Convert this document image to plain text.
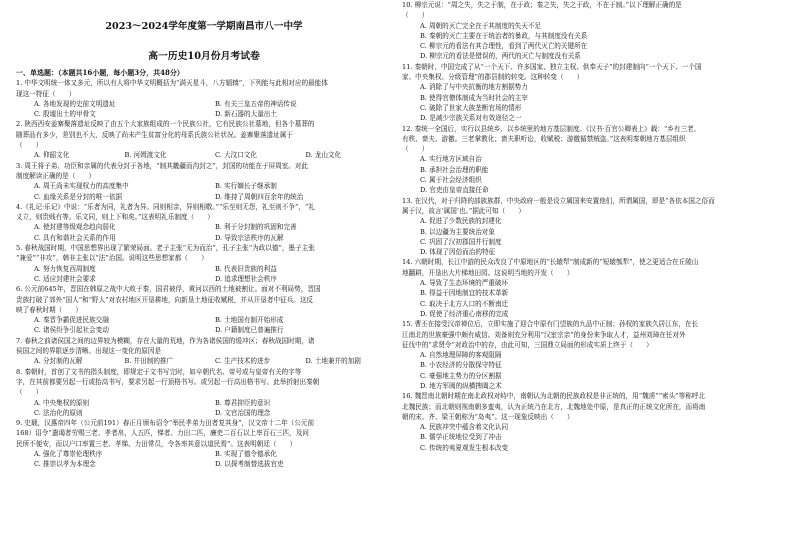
2023～2024学年度第一学期南昌市八一中学
高一历史10月份月考试卷
一、单选题：（本题共16小题，每小题3分，共48分）
1. 中华文明统一体又多元，所以有人将中华文明概括为“满天星斗，八方辐辏”，下列能与此相对应的最能体
现这一特征（　　）
A. 各地发现的史前文明遗址	B. 有关三皇五帝的神话传说
C. 殷墟出土的甲骨文	D. 新石器的大量出土
2. 陕西西安姜寨聚落遗址反映了由五个大家族组成的一个民族公社，它有民族公社墓地，但各个墓葬的
随葬品有多少，差别也不大，反映了尚未产生贫富分化的母系氏族公社状况。姜寨聚落遗址属于
（　　）
A. 仰韶文化	B. 河姆渡文化	C. 大汶口文化	D. 龙山文化
3. 周王将子弟、功臣和亲属的代表分封于各地，“制其畿疆而沟封之”，封国的功能在于屏周室。对此
制度解读正确的是（　　）
A. 周王尚未实现权力的高度集中	B. 实行嫡长子继承制
C. 血缘关系是分封的唯一依据	D. 维持了周朝四百余年的统治
4.《礼记·乐记》中说：“乐者为同，礼者为异。同则相亲，异则相敬。”“乐至则无怨，礼至则不争”，“礼
义立，则贵贱有等。乐文同，则上下和矣。”这表明礼乐制度（　　）
A. 使封建等级观念趋向弱化	B. 利于分封制的巩固和完善
C. 具有和谐社会关系的作用	D. 导致宗法秩序的瓦解
5. 春秋战国时期，中国思想界出现了繁荣局面。老子主张“无为而治”，孔子主张“为政以德”，墨子主张
“兼爱”“非攻”，韩非主张以“法”治国。说明这些思想家都（　　）
A. 努力恢复西周制度	B. 代表旧贵族的利益
C. 适应封建社会要求	D. 追求理想社会秩序
6. 公元前645年，晋国在韩原之战中大败于秦，国君被俘，黄河以西的土地被割让。面对不利局势，晋国
贵族打破了郊外“国人”和“野人”对农村地区开垦耕地，向新垦土地征收赋税，并从开垦者中征兵。这反
映了春秋时期（　　）
A. 秦晋争霸促进民族交融	B. 土地国有制开始形成
C. 诸侯纷争引起社会变动	D. 户籍制度已普遍推行
7. 春秋之前诸侯国之间的边界较为模糊，存在大量的荒地，作为各诸侯国的缓冲区；春秋战国时期，诸
侯国之间的界限逐步清晰。出现这一变化的原因是
A. 分封制的瓦解	B. 井田制的推广	C. 生产技术的进步	D. 土地兼并的加剧
8. 秦朝时，首创了文书的指头制度，即规定于文书写完时，如卒朝代名、帝号或与皇帝有关的字等
字，在其前都要另起一行或抬高书写，要求另起一行顶格书写。或另起一行高出格书写。此举折射出秦朝
（　　）
A. 中央集权的原则	B. 尊君抑臣的意识
C. 法治化的原则	D. 文官治国的理念
9. 史载，汉惠帝四年（公元前191）春正月颁布诏令“举民孝弟力田者复其身”，汉文帝十二年（公元前
168）诏令“遣谒者劳赐三老、孝者帛，人五匹，悌者、力田二匹，廉吏二百石以上率百石三匹，及问
民所不便安，而以户口率置三老、孝悌、力田常员，令各率其意以道民焉”。这表明朝廷（　　）
A. 强化了尊崇伦理秩序	B. 实现了德令德承化
C. 推崇以孝为本理念	D. 以探考制替选拔官吏
10. 柳宗元说：“周之失，失之于制，在于政；秦之失，失之于政，不在于制。”以下理解正确的是
（　　）
A. 周朝的灭亡完全在于其制度的失天不足
B. 秦朝的灭亡主要在于统治者的暴政，与其制度没有关系
C. 柳宗元的看法有其合理性，看到了两代灭亡的关键所在
D. 柳宗元的看法是错误的，两代的灭亡与制度没有关系
11. 秦朝时，中国完成了从“一个天下、许多国家、独立主权、供奉天子”的封建制向“一个天下、一个国
家、中央集权、分级管理”的郡县制的转变。这种转变（　　）
A. 消除了与中央抗衡的地方割据势力
B. 使得官僚体制成为当时社会的主宰
C. 破除了世家大族垄断官场的情形
D. 是减少宗族关系对有效途径之一
12. 秦统一全国后，实行以县统乡、以乡统里的地方基层制度。《汉书·百官公卿表上》载：“乡有三老、
有秩、啬夫、游徼。三老掌教化；啬夫职听讼，收赋税；游徼循禁贼盗。”这表明秦朝地方基层组织
（　　）
A. 实行地方区域自治
B. 承担社会治理的职能
C. 属于社会经济组织
D. 官吏由皇帝直接任命
13. 在汉代，对于归降的部族族群，中央政府一般是设立属国来安置他们，所谓属国，即是“各依本国之俗而
属于汉，故言‘属国’也。”据此可知（　　）
A. 促进了少数民族的封建化
B. 以边疆为主要统治对象
C. 巩固了汉初郡国并行制度
D. 体现了因俗而治的特征
14. 六朝时期，长江中游的民众改良了中原地区的“长辕犁”制成新的“短辕瓠犁”，使之更适合在丘陵山
地翻耕，开垦出大片梯地田园。这说明当地的开发（　　）
A. 导致了生态环境的严重破坏
B. 得益于因地制宜的技术革新
C. 取决于北方人口的不断南迁
D. 促使了经济重心南移的完成
15. 曹丕在接受汉帝禅位后，立即实施了迎合中原有门望族的九品中正制；孙权的家族久居江东，在长
江南北的世族豪强中颇有威信。刘备则充分利用“汉室宗亲”的身份来争取人才，益州刘璋在任对外
征伐中的“求贤令”对政治中的存，由此可知，三国鼎立局面的形成实质上终于（　　）
A. 自然地理屏障的客观阻隔
B. 小农经济的分散保守特征
C. 豪强地主势力的分区割据
D. 地方军阀的纵横捭阖之术
16. 魏晋南北朝时期在南北政权对峙中，南朝认为北朝的民族政权是非正统的，用“魏虏”“索头”等称呼北
北魏民族；而北朝则视南朝多蛮夷，认为正统乃在北方，北魏地处中原，是真正的正统文化所在，而将南
朝的宋、齐、梁王朝称为“岛夷”。这一现象反映出（　　）
A. 民族冲突中蕴含着文化认同
B. 儒学正统地位受到了冲击
C. 传统的夷夏观发生根本改变
